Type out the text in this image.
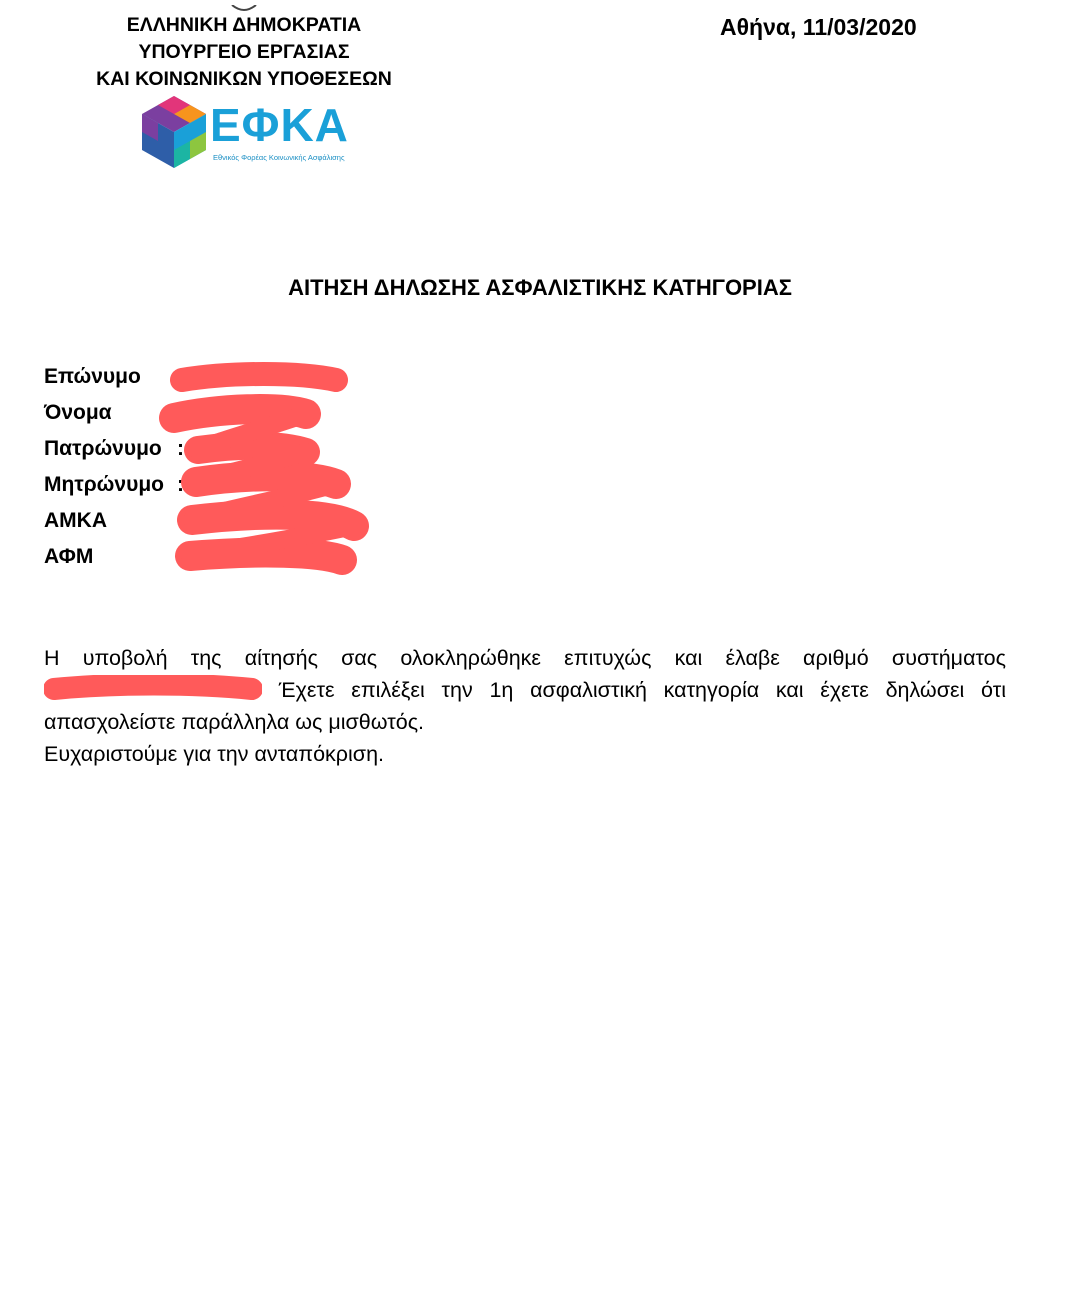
ΕΛΛΗΝΙΚΗ ΔΗΜΟΚΡΑΤΙΑ
ΥΠΟΥΡΓΕΙΟ ΕΡΓΑΣΙΑΣ
ΚΑΙ ΚΟΙΝΩΝΙΚΩΝ ΥΠΟΘΕΣΕΩΝ
ΕΦΚΑ
Εθνικός Φορέας Κοινωνικής Ασφάλισης
Αθήνα, 11/03/2020
ΑΙΤΗΣΗ ΔΗΛΩΣΗΣ ΑΣΦΑΛΙΣΤΙΚΗΣ ΚΑΤΗΓΟΡΙΑΣ
Επώνυμο
Όνομα
Πατρώνυμο :
Μητρώνυμο : Α
ΑΜΚΑ	:
ΑΦΜ	:
Η υποβολή της αίτησής σας ολοκληρώθηκε επιτυχώς και έλαβε αριθμό συστήματος
Έχετε επιλέξει την 1η ασφαλιστική κατηγορία και έχετε δηλώσει ότι
απασχολείστε παράλληλα ως μισθωτός.
Ευχαριστούμε για την ανταπόκριση.
